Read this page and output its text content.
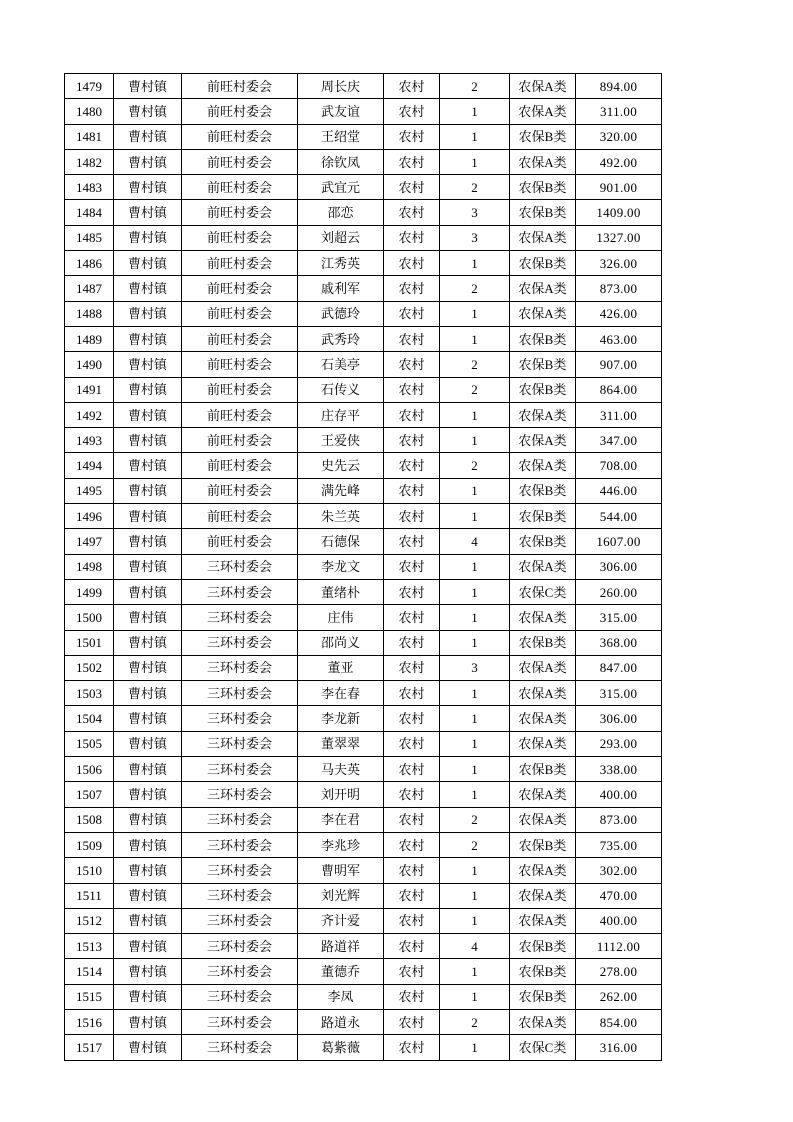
1479	曹村镇	前旺村委会	周长庆	农村	2	农保A类	894.00
1480	曹村镇	前旺村委会	武友谊	农村	1	农保A类	311.00
1481	曹村镇	前旺村委会	王绍堂	农村	1	农保B类	320.00
1482	曹村镇	前旺村委会	徐钦凤	农村	1	农保A类	492.00
1483	曹村镇	前旺村委会	武宜元	农村	2	农保B类	901.00
1484	曹村镇	前旺村委会	邵恋	农村	3	农保B类	1409.00
1485	曹村镇	前旺村委会	刘超云	农村	3	农保A类	1327.00
1486	曹村镇	前旺村委会	江秀英	农村	1	农保B类	326.00
1487	曹村镇	前旺村委会	戚利军	农村	2	农保A类	873.00
1488	曹村镇	前旺村委会	武德玲	农村	1	农保A类	426.00
1489	曹村镇	前旺村委会	武秀玲	农村	1	农保B类	463.00
1490	曹村镇	前旺村委会	石美亭	农村	2	农保B类	907.00
1491	曹村镇	前旺村委会	石传义	农村	2	农保B类	864.00
1492	曹村镇	前旺村委会	庄存平	农村	1	农保A类	311.00
1493	曹村镇	前旺村委会	王爱侠	农村	1	农保A类	347.00
1494	曹村镇	前旺村委会	史先云	农村	2	农保A类	708.00
1495	曹村镇	前旺村委会	满先峰	农村	1	农保B类	446.00
1496	曹村镇	前旺村委会	朱兰英	农村	1	农保B类	544.00
1497	曹村镇	前旺村委会	石德保	农村	4	农保B类	1607.00
1498	曹村镇	三环村委会	李龙文	农村	1	农保A类	306.00
1499	曹村镇	三环村委会	董绪朴	农村	1	农保C类	260.00
1500	曹村镇	三环村委会	庄伟	农村	1	农保A类	315.00
1501	曹村镇	三环村委会	邵尚义	农村	1	农保B类	368.00
1502	曹村镇	三环村委会	董亚	农村	3	农保A类	847.00
1503	曹村镇	三环村委会	李在春	农村	1	农保A类	315.00
1504	曹村镇	三环村委会	李龙新	农村	1	农保A类	306.00
1505	曹村镇	三环村委会	董翠翠	农村	1	农保A类	293.00
1506	曹村镇	三环村委会	马夫英	农村	1	农保B类	338.00
1507	曹村镇	三环村委会	刘开明	农村	1	农保A类	400.00
1508	曹村镇	三环村委会	李在君	农村	2	农保A类	873.00
1509	曹村镇	三环村委会	李兆珍	农村	2	农保B类	735.00
1510	曹村镇	三环村委会	曹明军	农村	1	农保A类	302.00
1511	曹村镇	三环村委会	刘光辉	农村	1	农保A类	470.00
1512	曹村镇	三环村委会	齐计爱	农村	1	农保A类	400.00
1513	曹村镇	三环村委会	路道祥	农村	4	农保B类	1112.00
1514	曹村镇	三环村委会	董德乔	农村	1	农保B类	278.00
1515	曹村镇	三环村委会	李凤	农村	1	农保B类	262.00
1516	曹村镇	三环村委会	路道永	农村	2	农保A类	854.00
1517	曹村镇	三环村委会	葛紫薇	农村	1	农保C类	316.00
